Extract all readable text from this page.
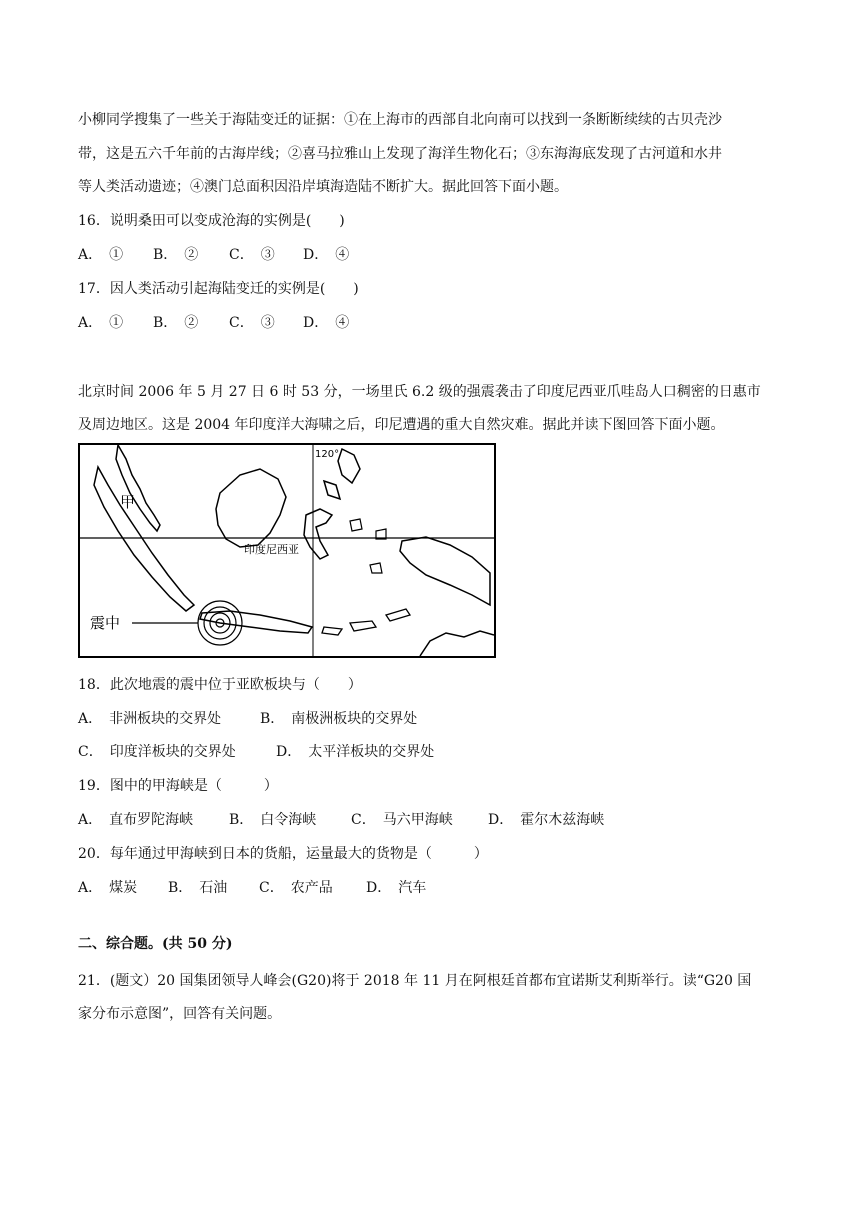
小柳同学搜集了一些关于海陆变迁的证据：①在上海市的西部自北向南可以找到一条断断续续的古贝壳沙
带，这是五六千年前的古海岸线；②喜马拉雅山上发现了海洋生物化石；③东海海底发现了古河道和水井
等人类活动遗迹；④澳门总面积因沿岸填海造陆不断扩大。据此回答下面小题。
16．说明桑田可以变成沧海的实例是(　　)
A．　① B．　② C．　③ D．　④
17．因人类活动引起海陆变迁的实例是(　　)
A．　① B．　② C．　③ D．　④
北京时间 2006 年 5 月 27 日 6 时 53 分，一场里氏 6.2 级的强震袭击了印度尼西亚爪哇岛人口稠密的日惠市
及周边地区。这是 2004 年印度洋大海啸之后，印尼遭遇的重大自然灾难。据此并读下图回答下面小题。
甲
印度尼西亚
震中
120°
18．此次地震的震中位于亚欧板块与（　　）
A．　非洲板块的交界处	B．　南极洲板块的交界处
C．　印度洋板块的交界处	D．　太平洋板块的交界处
19．图中的甲海峡是（　　　）
A．　直布罗陀海峡	B．　白令海峡 C．　马六甲海峡	D．　霍尔木兹海峡
20．每年通过甲海峡到日本的货船，运量最大的货物是（　　　）
A．　煤炭 B．　石油 C．　农产品 D．　汽车
二、综合题。(共 50 分)
21．(题文）20 国集团领导人峰会(G20)将于 2018 年 11 月在阿根廷首都布宜诺斯艾利斯举行。读“G20 国
家分布示意图”，回答有关问题。
